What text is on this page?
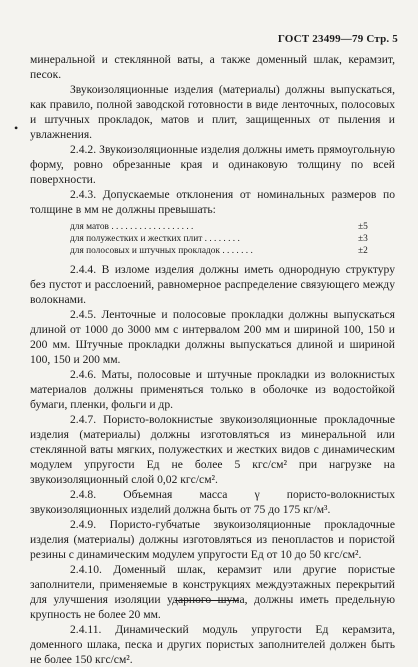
ГОСТ 23499—79 Стр. 5
•

минеральной и стеклянной ваты, а также доменный шлак, керамзит, песок.

Звукоизоляционные изделия (материалы) должны выпускаться, как правило, полной заводской готовности в виде ленточных, полосовых и штучных прокладок, матов и плит, защищенных от пыления и увлажнения.

2.4.2. Звукоизоляционные изделия должны иметь прямоугольную форму, ровно обрезанные края и одинаковую толщину по всей поверхности.

2.4.3. Допускаемые отклонения от номинальных размеров по толщине в мм не должны превышать:

для матов . . . . . . . . . . . . . . . . . .	±5
для полужестких и жестких плит . . . . . . . .	±3
для полосовых и штучных прокладок . . . . . . .	±2

2.4.4. В изломе изделия должны иметь однородную структуру без пустот и расслоений, равномерное распределение связующего между волокнами.

2.4.5. Ленточные и полосовые прокладки должны выпускаться длиной от 1000 до 3000 мм с интервалом 200 мм и шириной 100, 150 и 200 мм. Штучные прокладки должны выпускаться длиной и шириной 100, 150 и 200 мм.

2.4.6. Маты, полосовые и штучные прокладки из волокнистых материалов должны применяться только в оболочке из водостойкой бумаги, пленки, фольги и др.

2.4.7. Пористо-волокнистые звукоизоляционные прокладочные изделия (материалы) должны изготовляться из минеральной или стеклянной ваты мягких, полужестких и жестких видов с динамическим модулем упругости Eд не более 5 кгс/см² при нагрузке на звукоизоляционный слой 0,02 кгс/см².

2.4.8. Объемная масса γ пористо-волокнистых звукоизоляционных изделий должна быть от 75 до 175 кг/м³.

2.4.9. Пористо-губчатые звукоизоляционные прокладочные изделия (материалы) должны изготовляться из пенопластов и пористой резины с динамическим модулем упругости Eд от 10 до 50 кгс/см².

2.4.10. Доменный шлак, керамзит или другие пористые заполнители, применяемые в конструкциях междуэтажных перекрытий для улучшения изоляции ударного шума, должны иметь предельную крупность не более 20 мм.

2.4.11. Динамический модуль упругости Eд керамзита, доменного шлака, песка и других пористых заполнителей должен быть не более 150 кгс/см².
